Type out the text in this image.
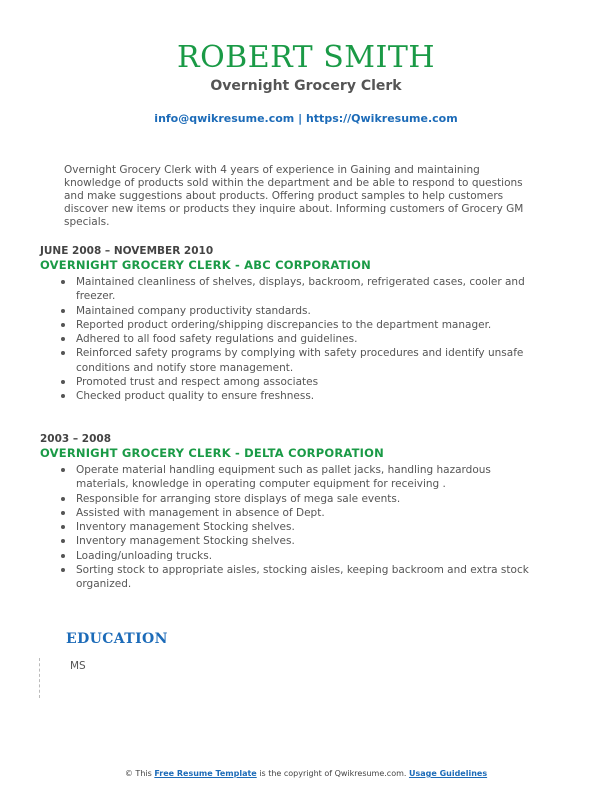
ROBERT SMITH
Overnight Grocery Clerk
info@qwikresume.com | https://Qwikresume.com
Overnight Grocery Clerk with 4 years of experience in Gaining and maintaining knowledge of products sold within the department and be able to respond to questions and make suggestions about products. Offering product samples to help customers discover new items or products they inquire about. Informing customers of Grocery GM specials.
JUNE 2008 – NOVEMBER 2010
OVERNIGHT GROCERY CLERK - ABC CORPORATION
Maintained cleanliness of shelves, displays, backroom, refrigerated cases, cooler and freezer.
Maintained company productivity standards.
Reported product ordering/shipping discrepancies to the department manager.
Adhered to all food safety regulations and guidelines.
Reinforced safety programs by complying with safety procedures and identify unsafe conditions and notify store management.
Promoted trust and respect among associates
Checked product quality to ensure freshness.
2003 – 2008
OVERNIGHT GROCERY CLERK - DELTA CORPORATION
Operate material handling equipment such as pallet jacks, handling hazardous materials, knowledge in operating computer equipment for receiving .
Responsible for arranging store displays of mega sale events.
Assisted with management in absence of Dept.
Inventory management Stocking shelves.
Inventory management Stocking shelves.
Loading/unloading trucks.
Sorting stock to appropriate aisles, stocking aisles, keeping backroom and extra stock organized.
EDUCATION
MS
© This Free Resume Template is the copyright of Qwikresume.com. Usage Guidelines
